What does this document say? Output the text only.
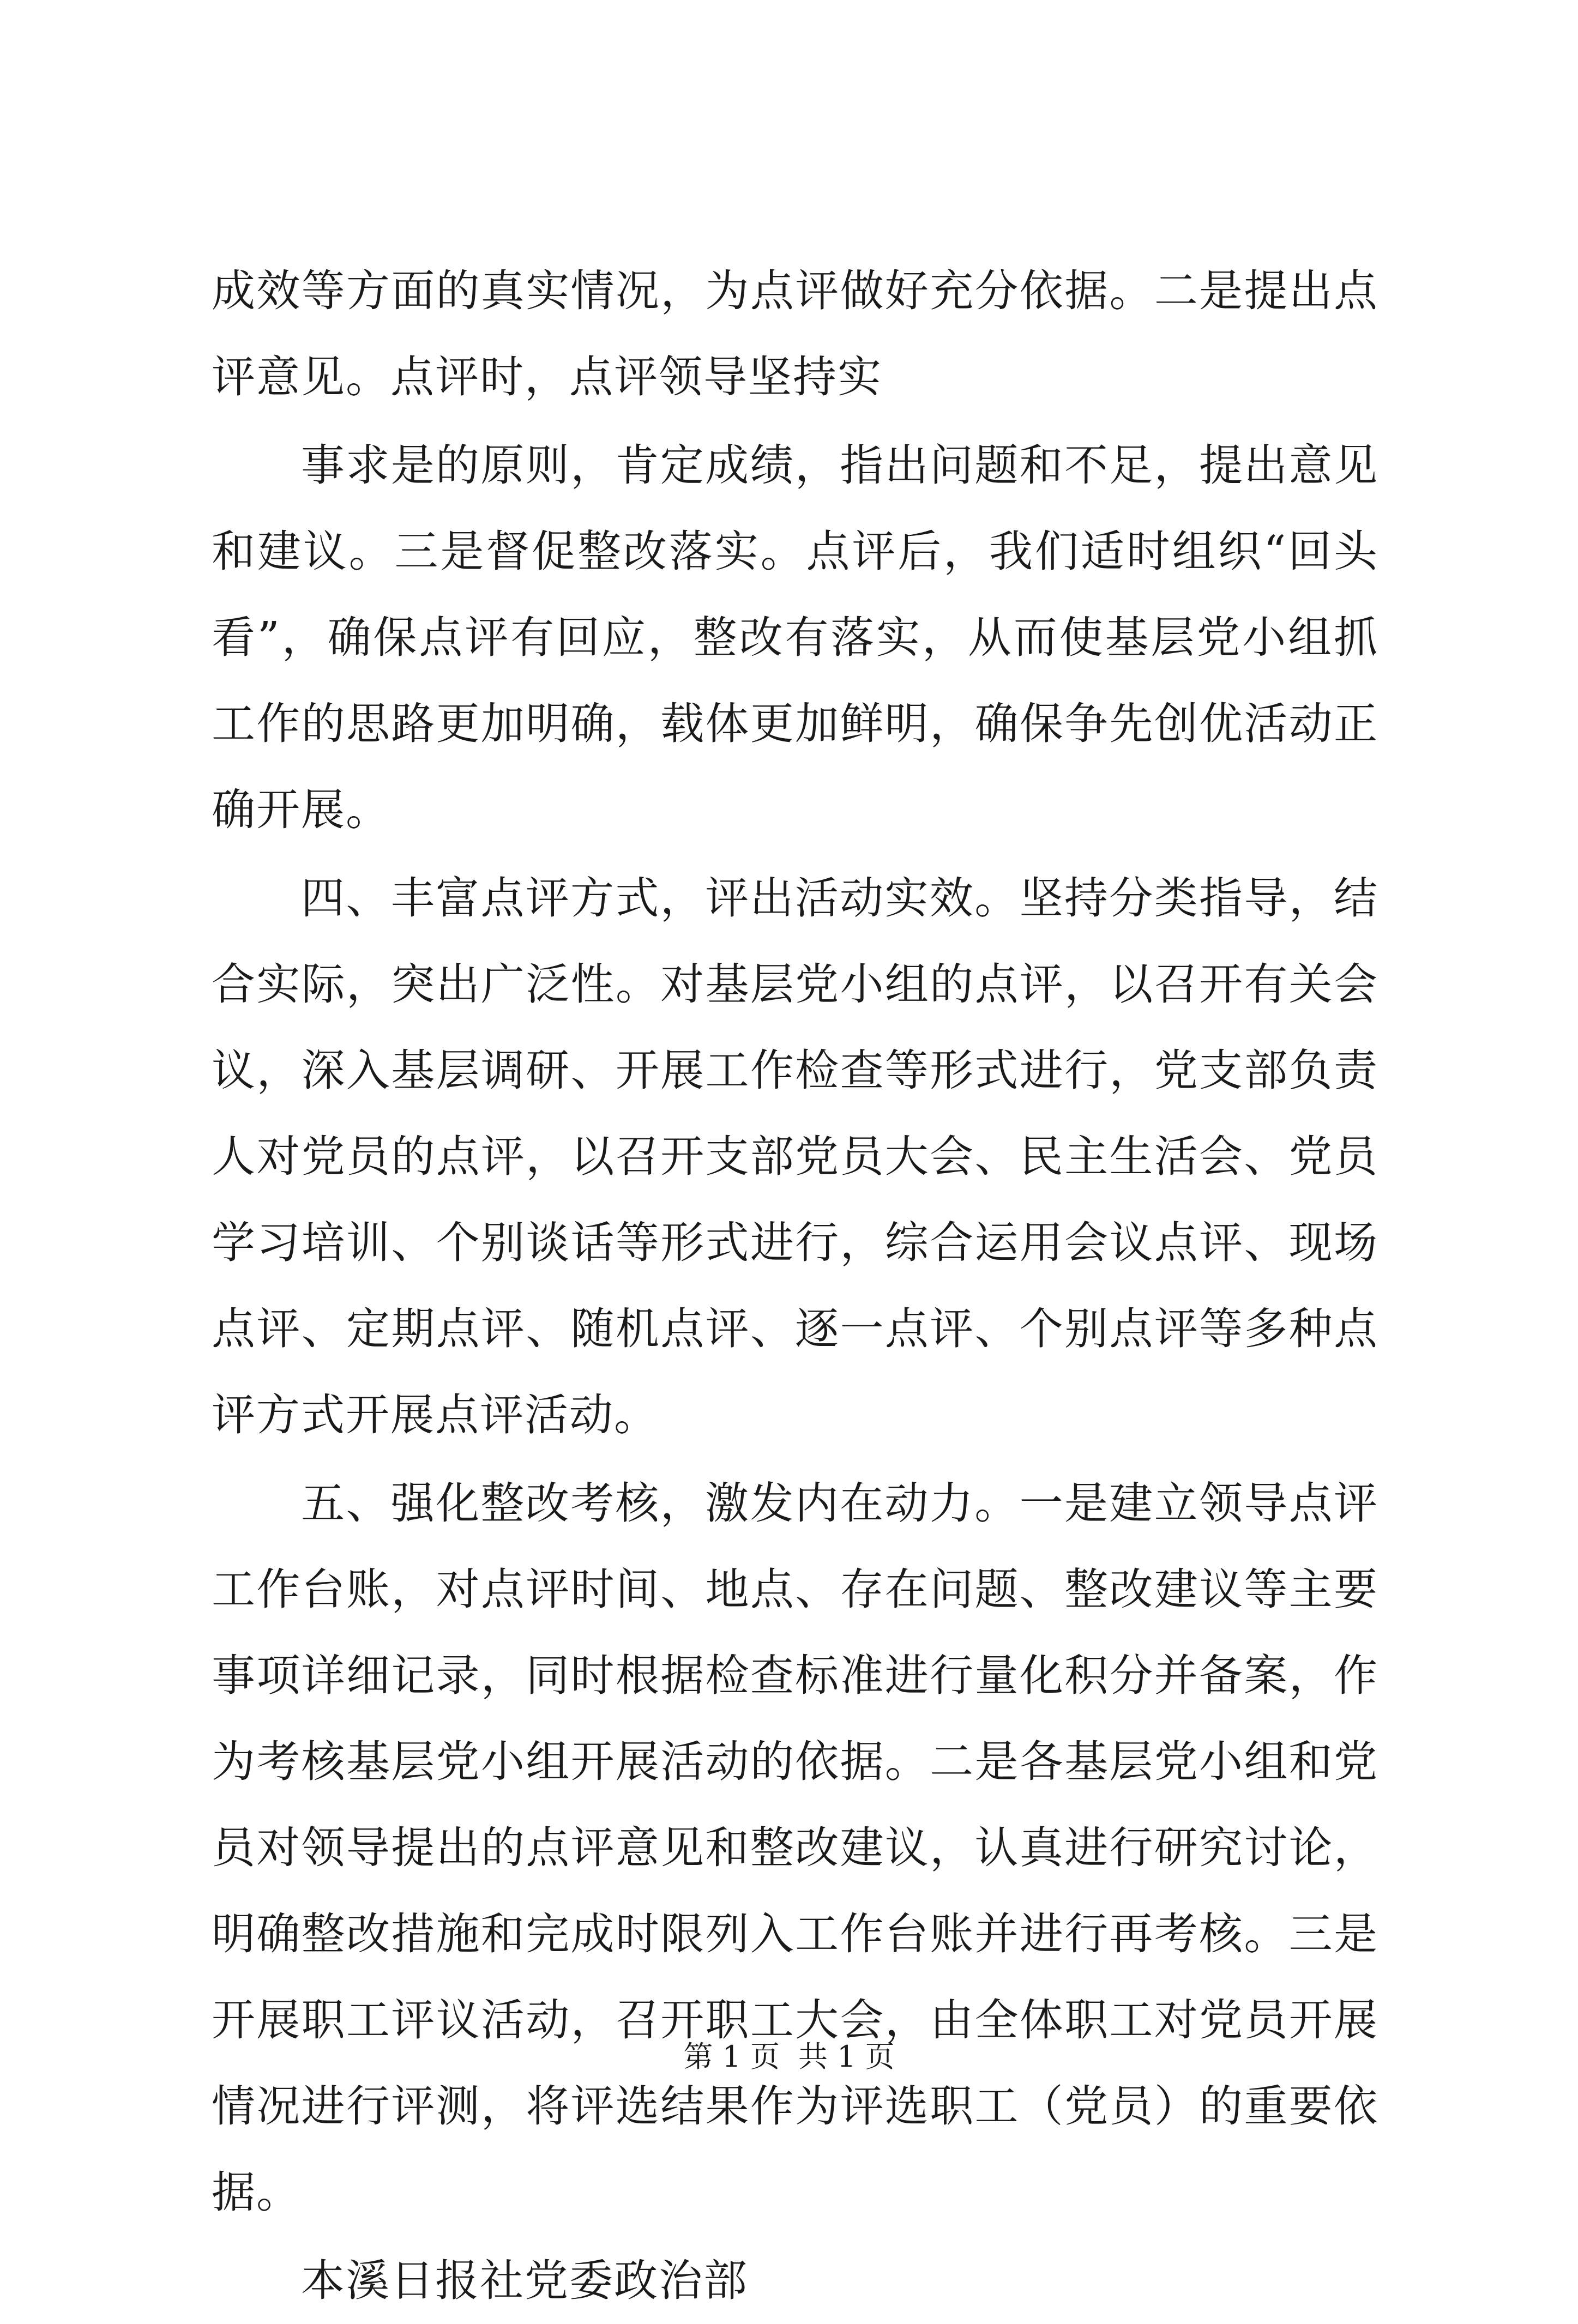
成效等方面的真实情况，为点评做好充分依据。二是提出点评意见。点评时，点评领导坚持实

事求是的原则，肯定成绩，指出问题和不足，提出意见和建议。三是督促整改落实。点评后，我们适时组织“回头看”，确保点评有回应，整改有落实，从而使基层党小组抓工作的思路更加明确，载体更加鲜明，确保争先创优活动正确开展。

四、丰富点评方式，评出活动实效。坚持分类指导，结合实际，突出广泛性。对基层党小组的点评，以召开有关会议，深入基层调研、开展工作检查等形式进行，党支部负责人对党员的点评，以召开支部党员大会、民主生活会、党员学习培训、个别谈话等形式进行，综合运用会议点评、现场点评、定期点评、随机点评、逐一点评、个别点评等多种点评方式开展点评活动。

五、强化整改考核，激发内在动力。一是建立领导点评工作台账，对点评时间、地点、存在问题、整改建议等主要事项详细记录，同时根据检查标准进行量化积分并备案，作为考核基层党小组开展活动的依据。二是各基层党小组和党员对领导提出的点评意见和整改建议，认真进行研究讨论，明确整改措施和完成时限列入工作台账并进行再考核。三是开展职工评议活动，召开职工大会，由全体职工对党员开展情况进行评测，将评选结果作为评选职工（党员）的重要依据。

本溪日报社党委政治部

第 1 页 共 1 页
